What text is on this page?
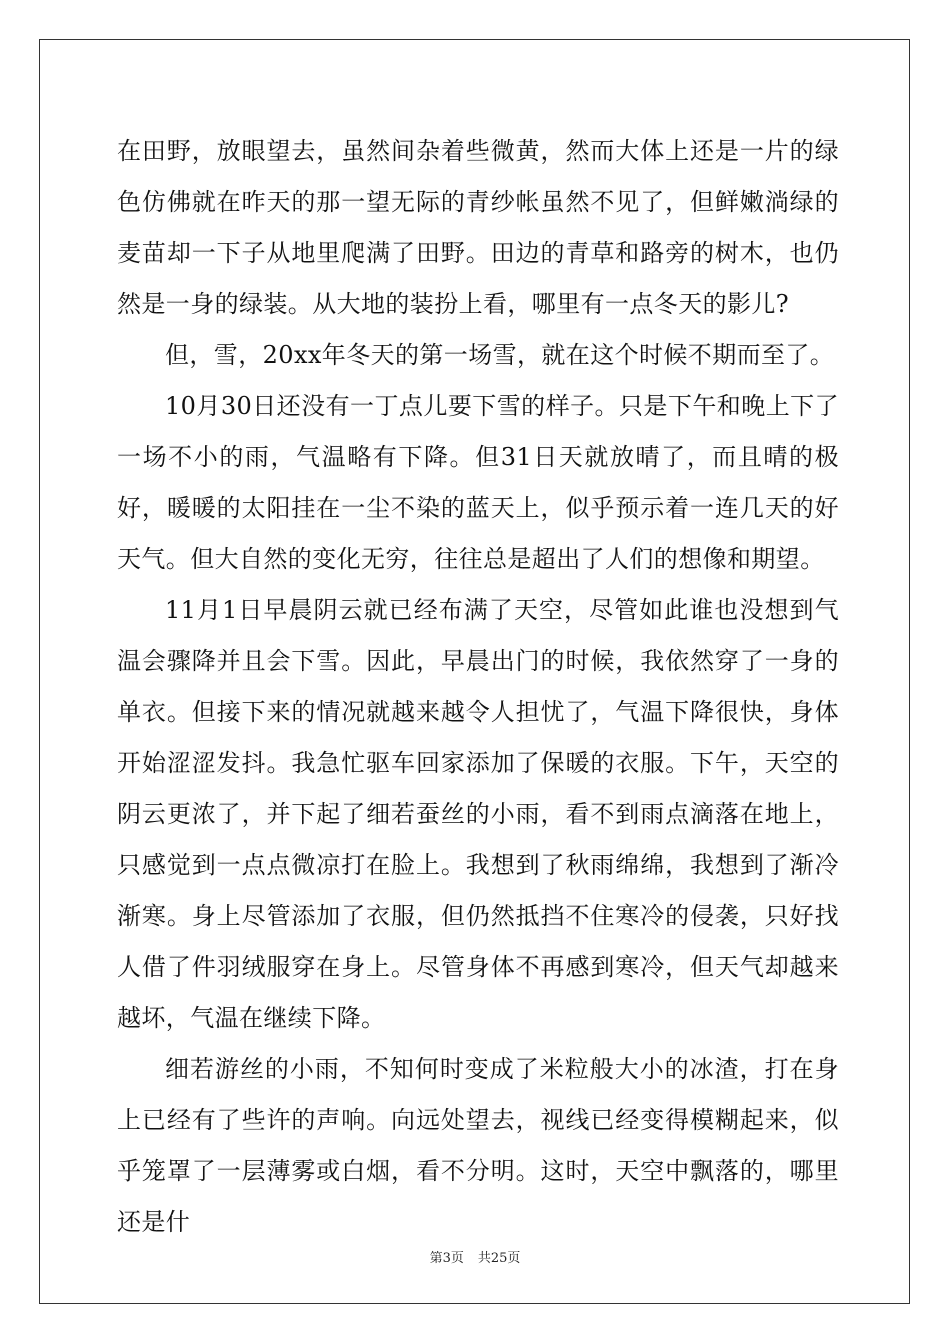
在田野，放眼望去，虽然间杂着些微黄，然而大体上还是一片的绿色仿佛就在昨天的那一望无际的青纱帐虽然不见了，但鲜嫩淌绿的麦苗却一下子从地里爬满了田野。田边的青草和路旁的树木，也仍然是一身的绿装。从大地的装扮上看，哪里有一点冬天的影儿?

但，雪，20xx年冬天的第一场雪，就在这个时候不期而至了。

10月30日还没有一丁点儿要下雪的样子。只是下午和晚上下了一场不小的雨，气温略有下降。但31日天就放晴了，而且晴的极好，暖暖的太阳挂在一尘不染的蓝天上，似乎预示着一连几天的好天气。但大自然的变化无穷，往往总是超出了人们的想像和期望。

11月1日早晨阴云就已经布满了天空，尽管如此谁也没想到气温会骤降并且会下雪。因此，早晨出门的时候，我依然穿了一身的单衣。但接下来的情况就越来越令人担忧了，气温下降很快，身体开始涩涩发抖。我急忙驱车回家添加了保暖的衣服。下午，天空的阴云更浓了，并下起了细若蚕丝的小雨，看不到雨点滴落在地上，只感觉到一点点微凉打在脸上。我想到了秋雨绵绵，我想到了渐冷渐寒。身上尽管添加了衣服，但仍然抵挡不住寒冷的侵袭，只好找人借了件羽绒服穿在身上。尽管身体不再感到寒冷，但天气却越来越坏，气温在继续下降。

细若游丝的小雨，不知何时变成了米粒般大小的冰渣，打在身上已经有了些许的声响。向远处望去，视线已经变得模糊起来，似乎笼罩了一层薄雾或白烟，看不分明。这时，天空中飘落的，哪里还是什

第3页 共25页
